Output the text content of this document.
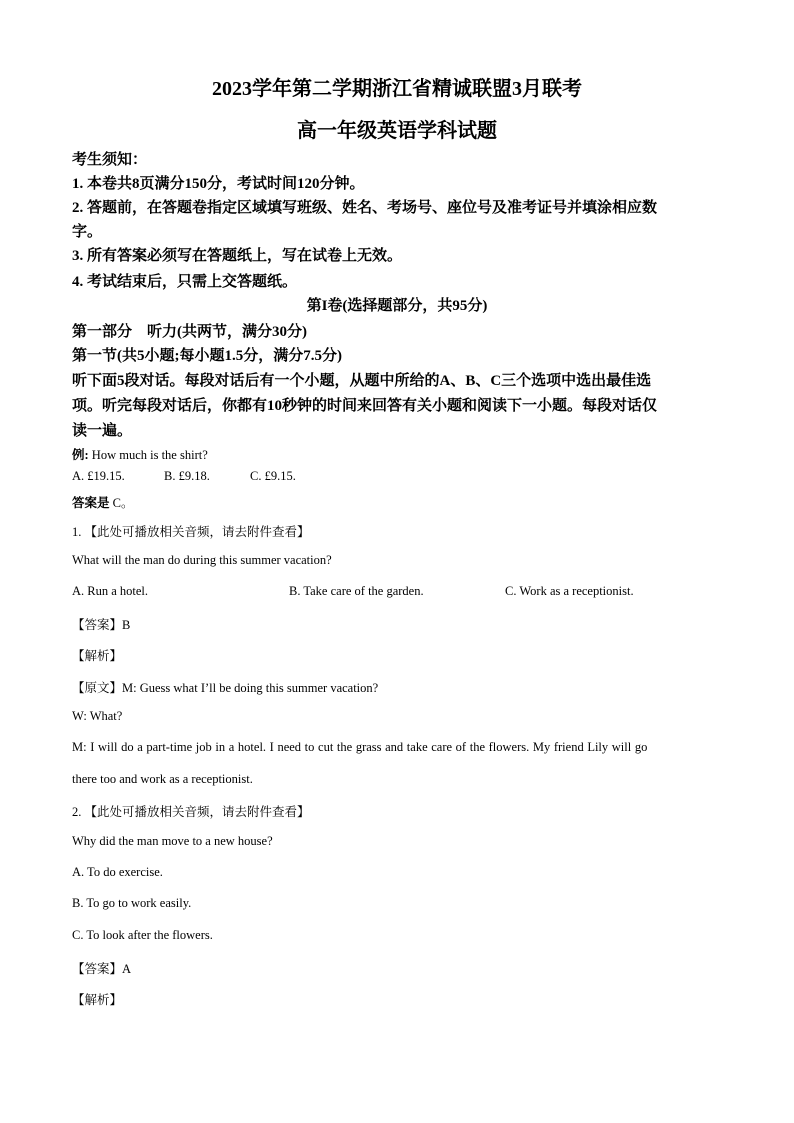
2023学年第二学期浙江省精诚联盟3月联考
高一年级英语学科试题
考生须知：
1. 本卷共8页满分150分，考试时间120分钟。
2. 答题前，在答题卷指定区域填写班级、姓名、考场号、座位号及准考证号并填涂相应数
字。
3. 所有答案必须写在答题纸上，写在试卷上无效。
4. 考试结束后，只需上交答题纸。
第I卷(选择题部分，共95分)
第一部分　听力(共两节，满分30分)
第一节(共5小题;每小题1.5分，满分7.5分)
听下面5段对话。每段对话后有一个小题，从题中所给的A、B、C三个选项中选出最佳选
项。听完每段对话后，你都有10秒钟的时间来回答有关小题和阅读下一小题。每段对话仅
读一遍。
例: How much is the shirt?
A. £19.15.	B. £9.18.	C. £9.15.
答案是 C。
1. 【此处可播放相关音频，请去附件查看】
What will the man do during this summer vacation?
A. Run a hotel.	B. Take care of the garden.	C. Work as a receptionist.
【答案】B
【解析】
【原文】M: Guess what I’ll be doing this summer vacation?
W: What?
M: I will do a part-time job in a hotel. I need to cut the grass and take care of the flowers. My friend Lily will go
there too and work as a receptionist.
2. 【此处可播放相关音频，请去附件查看】
Why did the man move to a new house?
A. To do exercise.
B. To go to work easily.
C. To look after the flowers.
【答案】A
【解析】
